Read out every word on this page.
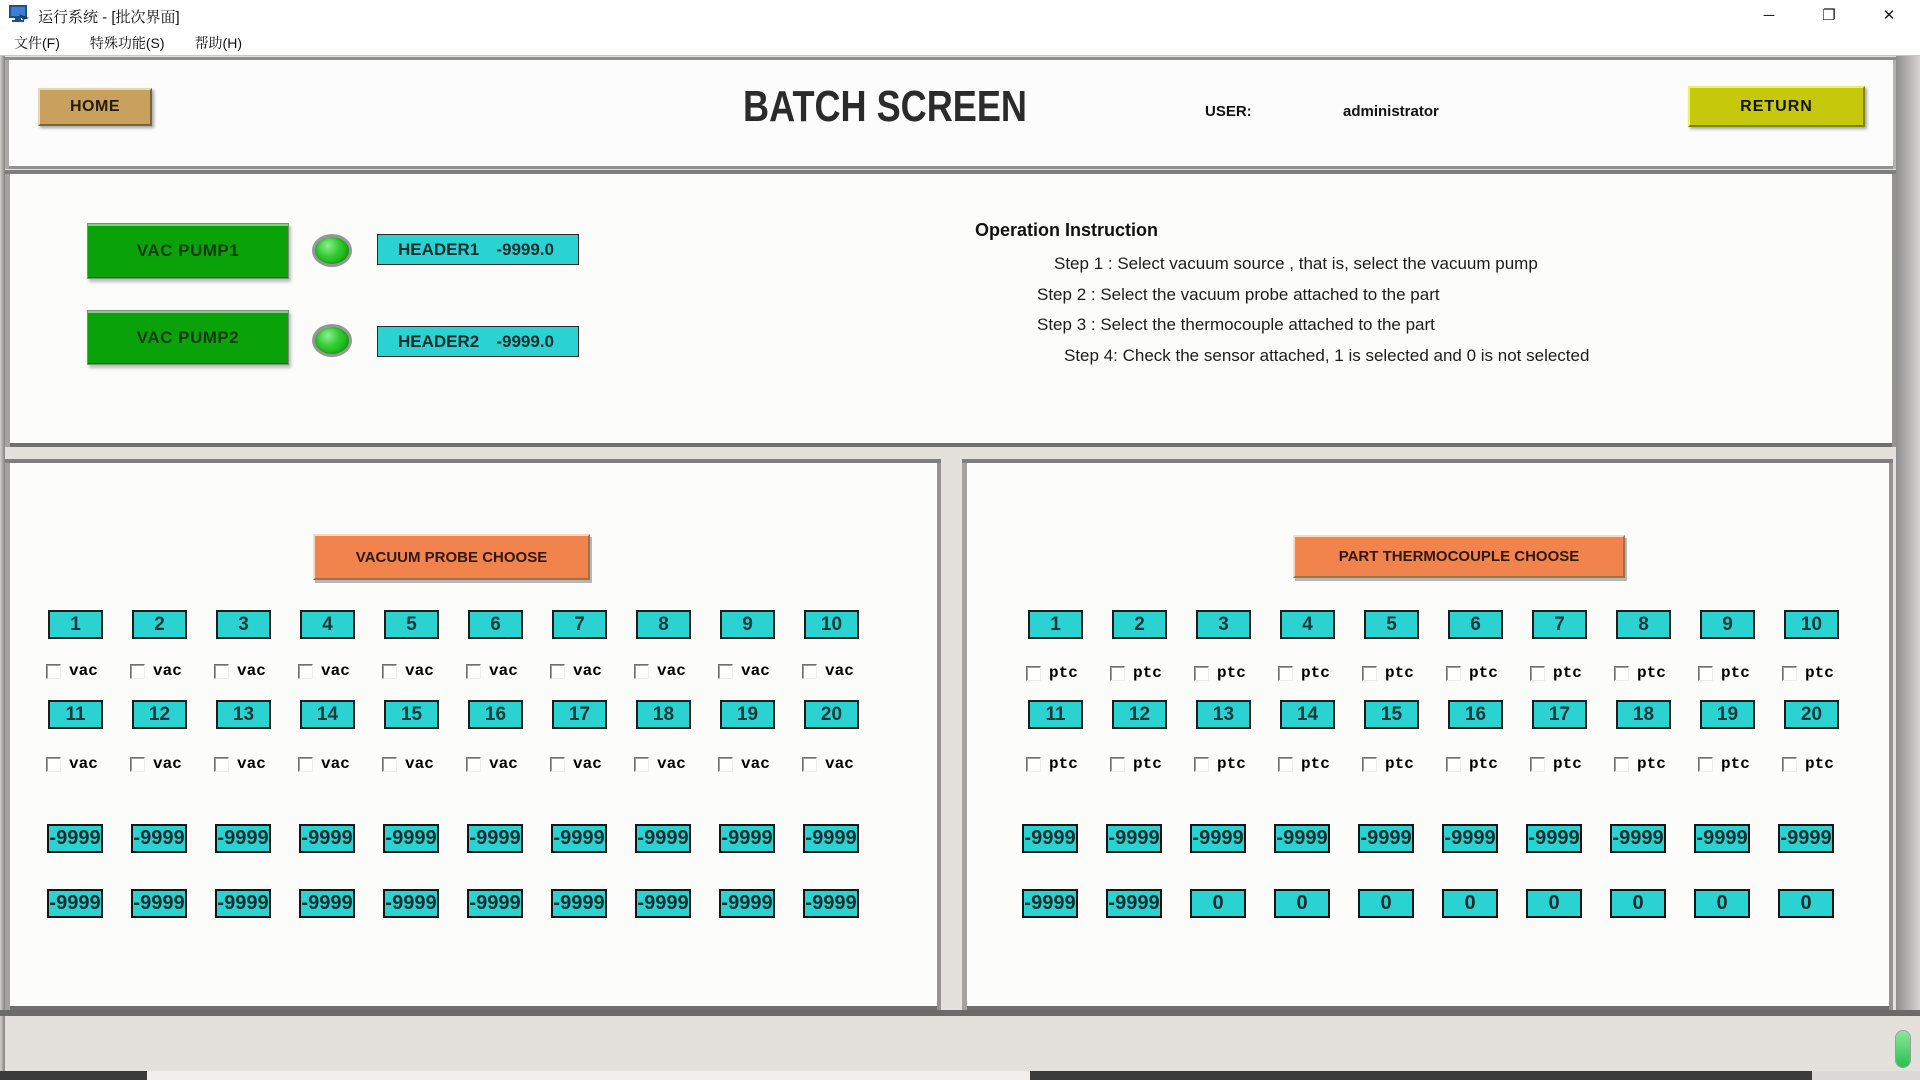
运行系统 - [批次界面]	─	❐	✕
文件(F) 特殊功能(S) 帮助(H)
HOME	BATCH SCREEN	USER:	administrator	RETURN
VAC PUMP1
VAC PUMP2
HEADER1 -9999.0
HEADER2 -9999.0
Operation Instruction
Step 1 : Select vacuum source , that is, select the vacuum pump
Step 2 : Select the vacuum probe attached to the part
Step 3 : Select the thermocouple attached to the part
Step 4: Check the sensor attached, 1 is selected and 0 is not selected
VACUUM PROBE CHOOSE
1	2	3	4	5	6	7	8	9	10
vac	vac	vac	vac	vac	vac	vac	vac	vac	vac
11	12	13	14	15	16	17	18	19	20
vac	vac	vac	vac	vac	vac	vac	vac	vac	vac
-9999 -9999 -9999 -9999 -9999 -9999 -9999 -9999 -9999 -9999
-9999 -9999 -9999 -9999 -9999 -9999 -9999 -9999 -9999 -9999
PART THERMOCOUPLE CHOOSE
1	2	3	4	5	6	7	8	9	10
ptc	ptc	ptc	ptc	ptc	ptc	ptc	ptc	ptc	ptc
11	12	13	14	15	16	17	18	19	20
ptc	ptc	ptc	ptc	ptc	ptc	ptc	ptc	ptc	ptc
-9999 -9999 -9999 -9999 -9999 -9999 -9999 -9999 -9999 -9999
-9999 -9999	0	0	0	0	0	0	0	0
